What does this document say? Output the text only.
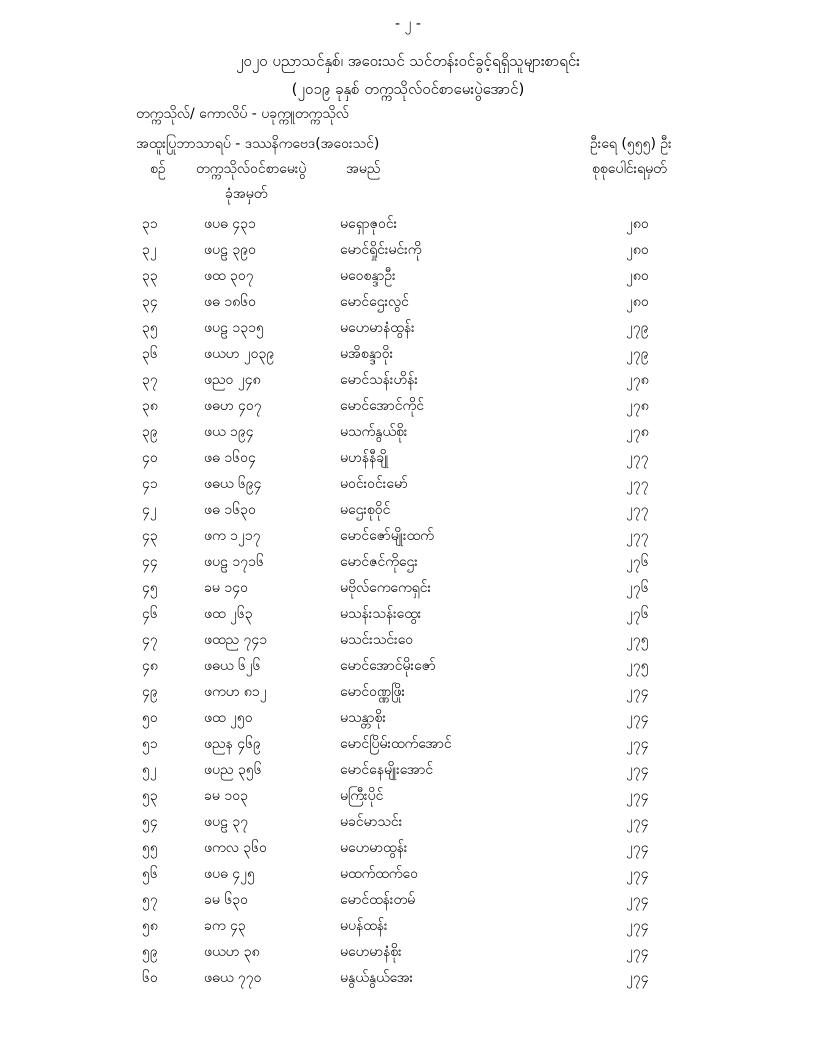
- ၂ -
၂၀၂၀ ပညာသင်နှစ်၊ အဝေးသင် သင်တန်းဝင်ခွင့်ရရှိသူများစာရင်း
(၂၀၁၉ ခုနှစ် တက္ကသိုလ်ဝင်စာမေးပွဲအောင်)
တက္ကသိုလ်/ ကောလိပ် - ပခုက္ကူတက္ကသိုလ်
အထူးပြုဘာသာရပ် - ဒဿနိကဗေဒ(အဝေးသင်)	ဦးရေ (၅၅၅) ဦး
စဉ် တက္ကသိုလ်ဝင်စာမေးပွဲ
ခုံအမှတ်
အမည်	စုစုပေါင်းရမှတ်
၃၁	ဖပဓ ၄၃၁	မရှောဇုဝင်း	၂၈၀
၃၂	ဖပဠ ၃၉၀	မောင်ရှိုင်းမင်းကို	၂၈၀
၃၃	ဖထ ၃၀၇	မဝေစန္ဒာဦး	၂၈၀
၃၄	ဖဓ ၁၈၆၀	မောင်ဌေးလွင်	၂၈၀
၃၅	ဖပဠ ၁၃၁၅	မဟေမာနံထွန်း	၂၇၉
၃၆	ဖယဟ ၂၀၃၉	မအိစန္ဒာဝိုး	၂၇၉
၃၇	ဖည၀ ၂၄၈	မောင်သန်းဟိန်း	၂၇၈
၃၈	ဖဓဟ ၄၀၇	မောင်အောင်ကိုင်	၂၇၈
၃၉	ဖယ ၁၉၄	မသက်နွယ်စိုး	၂၇၈
၄၀	ဖဓ ၁၆၀၄	မဟန်နီချို	၂၇၇
၄၁	ဖဓယ ၆၉၄	မဝင်းဝင်းမော်	၂၇၇
၄၂	ဖဓ ၁၆၃၀	မဌေးစုဝိုင်	၂၇၇
၄၃	ဖက ၁၂၁၇	မောင်ဇော်မျိုးထက်	၂၇၇
၄၄	ဖပဠ ၁၇၁၆	မောင်ဇင်ကိုဌေး	၂၇၆
၄၅	ခမ ၁၄၀	မဗိုလ်ကေကေရှင်း	၂၇၆
၄၆	ဖထ ၂၆၃	မသန်းသန်းထွေး	၂၇၆
၄၇	ဖထည ၇၄၁	မသင်းသင်းဝေ	၂၇၅
၄၈	ဖဓယ ၆၂၆	မောင်အောင်မိုးဇော်	၂၇၅
၄၉	ဖကဟ ၈၁၂	မောင်ဝဏ္ဏဖြိုး	၂၇၄
၅၀	ဖထ ၂၅၀	မသန္တာစိုး	၂၇၄
၅၁	ဖညန ၄၆၉	မောင်ပြိမ်းထက်အောင်	၂၇၄
၅၂	ဖပည ၃၅၆	မောင်နေမျိုးအောင်	၂၇၄
၅၃	ခမ ၁၀၃	မကြီးပိုင်	၂၇၄
၅၄	ဖပဠ ၃၇	မခင်မာသင်း	၂၇၄
၅၅	ဖကလ ၃၆၀	မဟေမာထွန်း	၂၇၄
၅၆	ဖပဓ ၄၂၅	မထက်ထက်ဝေ	၂၇၄
၅၇	ခမ ၆၃၀	မောင်ထန်းတမ်	၂၇၄
၅၈	ခက ၄၃	မပန်ထန်း	၂၇၄
၅၉	ဖယဟ ၃၈	မဟေမာနံစိုး	၂၇၄
၆၀	ဖဓယ ၇၇၀	မနွယ်နွယ်အေး	၂၇၄
